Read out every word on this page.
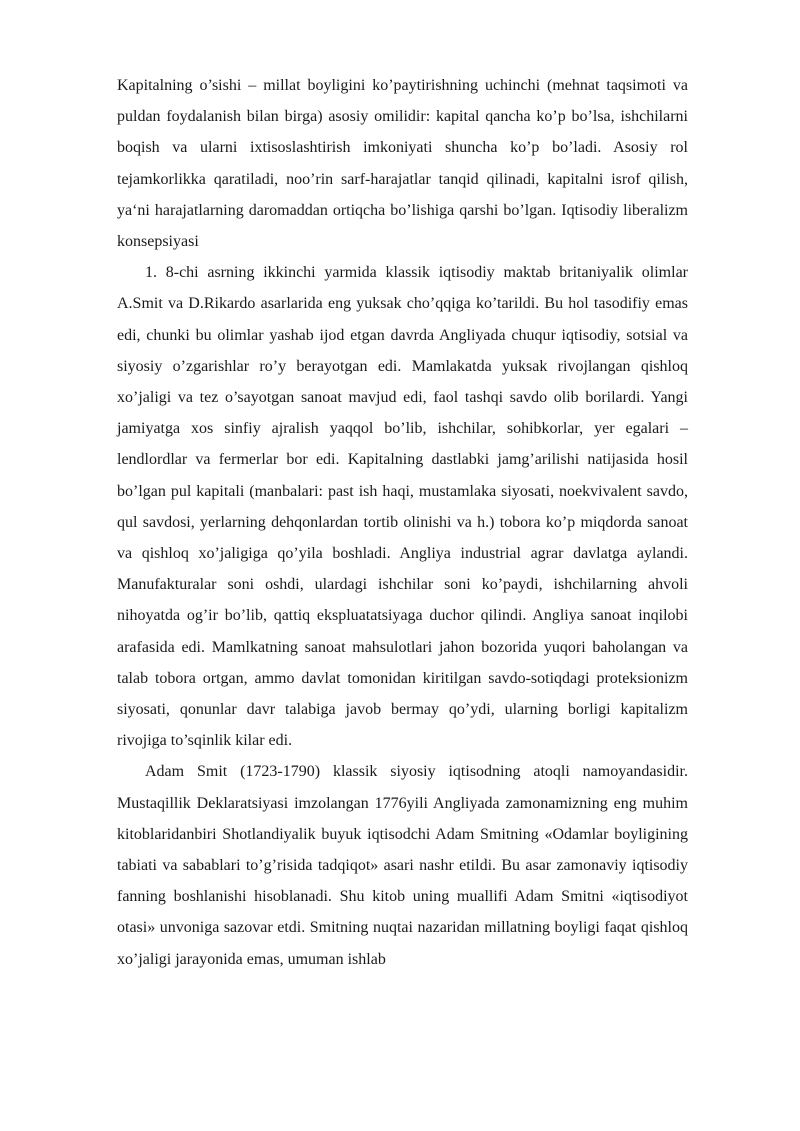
Kapitalning o’sishi – millat boyligini ko’paytirishning uchinchi (mehnat taqsimoti va puldan foydalanish bilan birga) asosiy omilidir: kapital qancha ko’p bo’lsa, ishchilarni boqish va ularni ixtisoslashtirish imkoniyati shuncha ko’p bo’ladi. Asosiy rol tejamkorlikka qaratiladi, noo’rin sarf-harajatlar tanqid qilinadi, kapitalni isrof qilish, ya‘ni harajatlarning daromaddan ortiqcha bo’lishiga qarshi bo’lgan. Iqtisodiy liberalizm konsepsiyasi

1. 8-chi asrning ikkinchi yarmida klassik iqtisodiy maktab britaniyalik olimlar A.Smit va D.Rikardo asarlarida eng yuksak cho’qqiga ko’tarildi. Bu hol tasodifiy emas edi, chunki bu olimlar yashab ijod etgan davrda Angliyada chuqur iqtisodiy, sotsial va siyosiy o’zgarishlar ro’y berayotgan edi. Mamlakatda yuksak rivojlangan qishloq xo’jaligi va tez o’sayotgan sanoat mavjud edi, faol tashqi savdo olib borilardi. Yangi jamiyatga xos sinfiy ajralish yaqqol bo’lib, ishchilar, sohibkorlar, yer egalari – lendlordlar va fermerlar bor edi. Kapitalning dastlabki jamg’arilishi natijasida hosil bo’lgan pul kapitali (manbalari: past ish haqi, mustamlaka siyosati, noekvivalent savdo, qul savdosi, yerlarning dehqonlardan tortib olinishi va h.) tobora ko’p miqdorda sanoat va qishloq xo’jaligiga qo’yila boshladi. Angliya industrial agrar davlatga aylandi. Manufakturalar soni oshdi, ulardagi ishchilar soni ko’paydi, ishchilarning ahvoli nihoyatda og’ir bo’lib, qattiq ekspluatatsiyaga duchor qilindi. Angliya sanoat inqilobi arafasida edi. Mamlkatning sanoat mahsulotlari jahon bozorida yuqori baholangan va talab tobora ortgan, ammo davlat tomonidan kiritilgan savdo-sotiqdagi proteksionizm siyosati, qonunlar davr talabiga javob bermay qo’ydi, ularning borligi kapitalizm rivojiga to’sqinlik kilar edi.

Adam Smit (1723-1790) klassik siyosiy iqtisodning atoqli namoyandasidir. Mustaqillik Deklaratsiyasi imzolangan 1776yili Angliyada zamonamizning eng muhim kitoblaridanbiri Shotlandiyalik buyuk iqtisodchi Adam Smitning «Odamlar boyligining tabiati va sabablari to’g’risida tadqiqot» asari nashr etildi. Bu asar zamonaviy iqtisodiy fanning boshlanishi hisoblanadi. Shu kitob uning muallifi Adam Smitni «iqtisodiyot otasi» unvoniga sazovar etdi. Smitning nuqtai nazaridan millatning boyligi faqat qishloq xo’jaligi jarayonida emas, umuman ishlab
